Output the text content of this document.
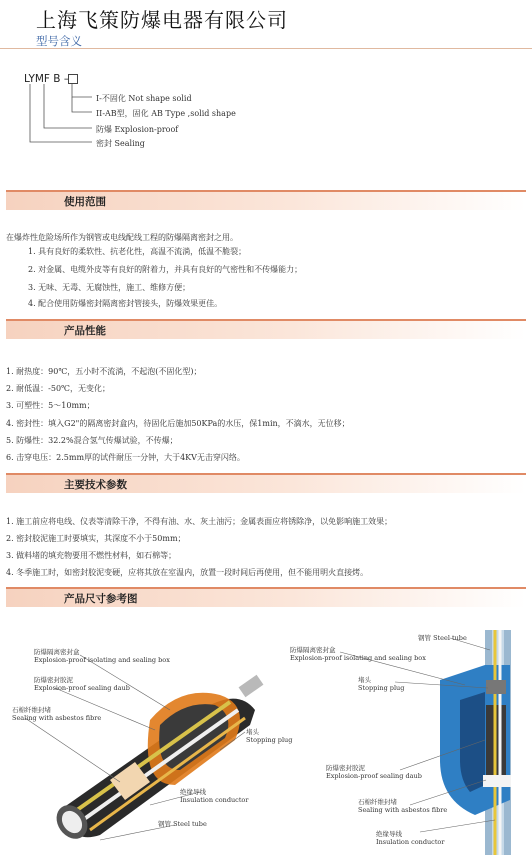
上海飞策防爆电器有限公司
型号含义
LYMF B –
I-不固化 Not shape solid
II-AB型，固化 AB Type ,solid shape
防爆 Explosion-proof
密封 Sealing
使用范围
在爆炸性危险场所作为钢管或电线配线工程的防爆隔离密封之用。
1. 具有良好的柔软性、抗老化性，高温不流淌，低温不脆裂；
2. 对金属、电缆外皮等有良好的附着力，并具有良好的气密性和不传爆能力；
3. 无味、无毒、无腐蚀性，施工、维修方便；
4. 配合使用防爆密封隔离密封管接头，防爆效果更佳。
产品性能
1. 耐热度：90℃，五小时不流淌，不起泡(不固化型)；
2. 耐低温：-50℃，无变化；
3. 可塑性：5～10mm；
4. 密封性：填入G2"的隔离密封盒内，待固化后施加50KPa的水压，保1min，不滴水，无位移；
5. 防爆性：32.2%混合氢气传爆试验，不传爆；
6. 击穿电压：2.5mm厚的试件耐压一分钟，大于4KV无击穿闪络。
主要技术参数
1. 施工前应将电线、仪表等清除干净，不得有油、水、灰土油污；金属表面应将锈除净，以免影响施工效果；
2. 密封胶泥施工时要填实，其深度不小于50mm；
3. 做料堵的填充物要用不燃性材料，如石棉等；
4. 冬季施工时，如密封胶泥变硬，应将其放在室温内，放置一段时间后再使用，但不能用明火直接烤。
产品尺寸参考图
防爆隔离密封盒
Explosion-proof isolating and sealing box
防爆密封胶泥
Explosion-proof sealing daub
石棉纤维封堵
Sealing with asbestos fibre
堵头
Stopping plug
绝缘导线
Insulation conductor
钢管 Steel tube
钢管 Steel tube
防爆隔离密封盒
Explosion-proof isolating and sealing box
堵头
Stopping plug
防爆密封胶泥
Explosion-proof sealing daub
石棉纤维封堵
Sealing with asbestos fibre
绝缘导线
Insulation conductor
